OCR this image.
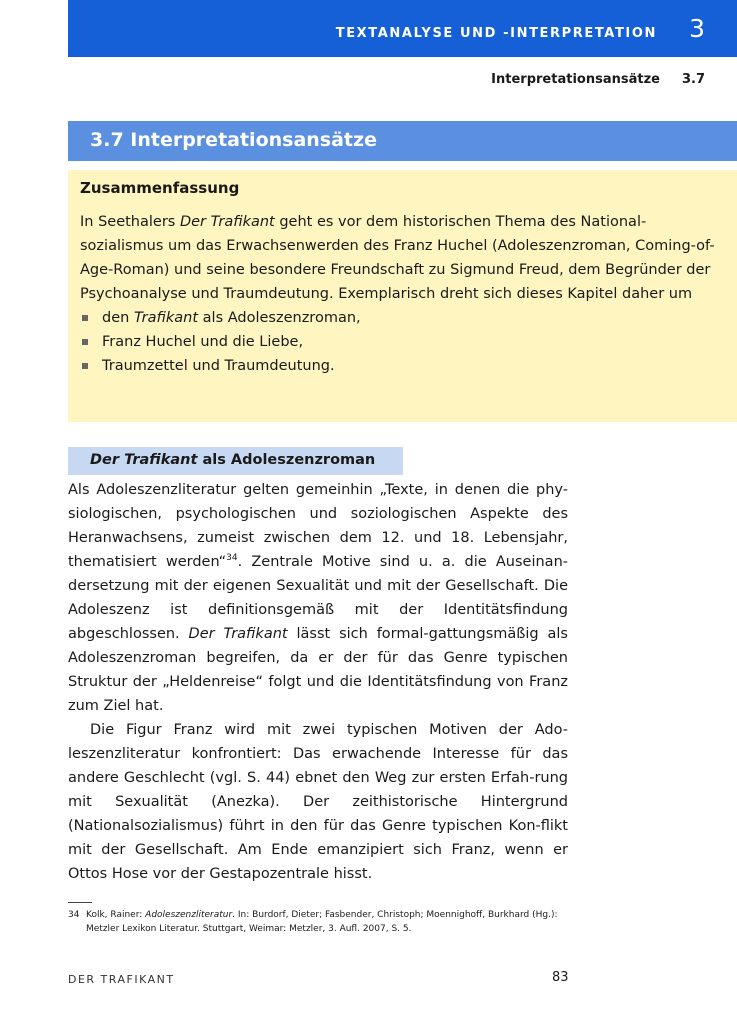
TEXTANALYSE UND -INTERPRETATION 3
Interpretationsansätze 3.7
3.7 Interpretationsansätze
Zusammenfassung

In Seethalers Der Trafikant geht es vor dem historischen Thema des National-sozialismus um das Erwachsenwerden des Franz Huchel (Adoleszenzroman, Coming-of-Age-Roman) und seine besondere Freundschaft zu Sigmund Freud, dem Begründer der Psychoanalyse und Traumdeutung. Exemplarisch dreht sich dieses Kapitel daher um

den Trafikant als Adoleszenzroman,
Franz Huchel und die Liebe,
Traumzettel und Traumdeutung.
Der Trafikant als Adoleszenzroman

Als Adoleszenzliteratur gelten gemeinhin „Texte, in denen die phy-siologischen, psychologischen und soziologischen Aspekte des Heranwachsens, zumeist zwischen dem 12. und 18. Lebensjahr, thematisiert werden“$^{34}$. Zentrale Motive sind u. a. die Auseinan-dersetzung mit der eigenen Sexualität und mit der Gesellschaft. Die Adoleszenz ist definitionsgemäß mit der Identitätsfindung abgeschlossen. Der Trafikant lässt sich formal-gattungsmäßig als Adoleszenzroman begreifen, da er der für das Genre typischen Struktur der „Heldenreise“ folgt und die Identitätsfindung von Franz zum Ziel hat.

Die Figur Franz wird mit zwei typischen Motiven der Ado-leszenzliteratur konfrontiert: Das erwachende Interesse für das andere Geschlecht (vgl. S. 44) ebnet den Weg zur ersten Erfah-rung mit Sexualität (Anezka). Der zeithistorische Hintergrund (Nationalsozialismus) führt in den für das Genre typischen Kon-flikt mit der Gesellschaft. Am Ende emanzipiert sich Franz, wenn er Ottos Hose vor der Gestapozentrale hisst.

34 Kolk, Rainer: Adoleszenzliteratur. In: Burdorf, Dieter; Fasbender, Christoph; Moennighoff, Burkhard (Hg.): Metzler Lexikon Literatur. Stuttgart, Weimar: Metzler, 3. Aufl. 2007, S. 5.
DER TRAFIKANT	83
